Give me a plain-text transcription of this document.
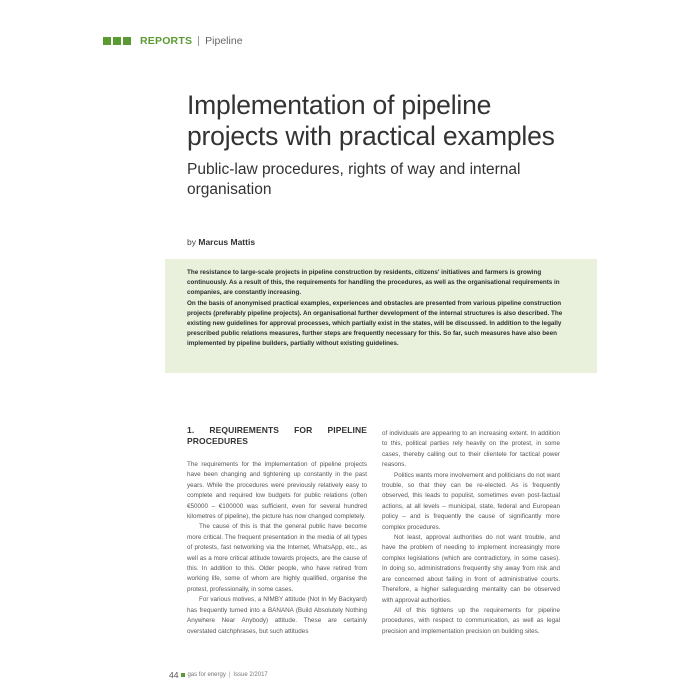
REPORTS Pipeline
Implementation of pipeline
projects with practical examples
Public-law procedures, rights of way and internal
organisation
by Marcus Mattis

The resistance to large-scale projects in pipeline construction by residents, citizens' initiatives and farmers is growing continuously. As a result of this, the requirements for handling the procedures, as well as the organisational requirements in companies, are constantly increasing.

On the basis of anonymised practical examples, experiences and obstacles are presented from various pipeline construction projects (preferably pipeline projects). An organisational further development of the internal structures is also described. The existing new guidelines for approval processes, which partially exist in the states, will be discussed. In addition to the legally prescribed public relations measures, further steps are frequently necessary for this. So far, such measures have also been implemented by pipeline builders, partially without existing guidelines.

1. REQUIREMENTS FOR PIPELINE PROCEDURES

The requirements for the implementation of pipeline projects have been changing and tightening up constantly in the past years. While the procedures were previously relatively easy to complete and required low budgets for public relations (often €50000 – €100000 was sufficient, even for several hundred kilometres of pipeline), the picture has now changed completely.

The cause of this is that the general public have become more critical. The frequent presentation in the media of all types of protests, fast networking via the Internet, WhatsApp, etc., as well as a more critical attitude towards projects, are the cause of this. In addition to this. Older people, who have retired from working life, some of whom are highly qualified, organise the protest, professionally, in some cases.

For various motives, a NIMBY attitude (Not In My Backyard) has frequently turned into a BANANA (Build Absolutely Nothing Anywhere Near Anybody) attitude. These are certainly overstated catchphrases, but such attitudes

of individuals are appearing to an increasing extent. In addition to this, political parties rely heavily on the protest, in some cases, thereby calling out to their clientele for tactical power reasons.

Politics wants more involvement and politicians do not want trouble, so that they can be re-elected. As is frequently observed, this leads to populist, sometimes even post-factual actions, at all levels – municipal, state, federal and European policy – and is frequently the cause of significantly more complex procedures.

Not least, approval authorities do not want trouble, and have the problem of needing to implement increasingly more complex legislations (which are contradictory, in some cases). In doing so, administrations frequently shy away from risk and are concerned about failing in front of administrative courts. Therefore, a higher safeguarding mentality can be observed with approval authorities.

All of this tightens up the requirements for pipeline procedures, with respect to communication, as well as legal precision and implementation precision on building sites.

44 gas for energy | Issue 2/2017
